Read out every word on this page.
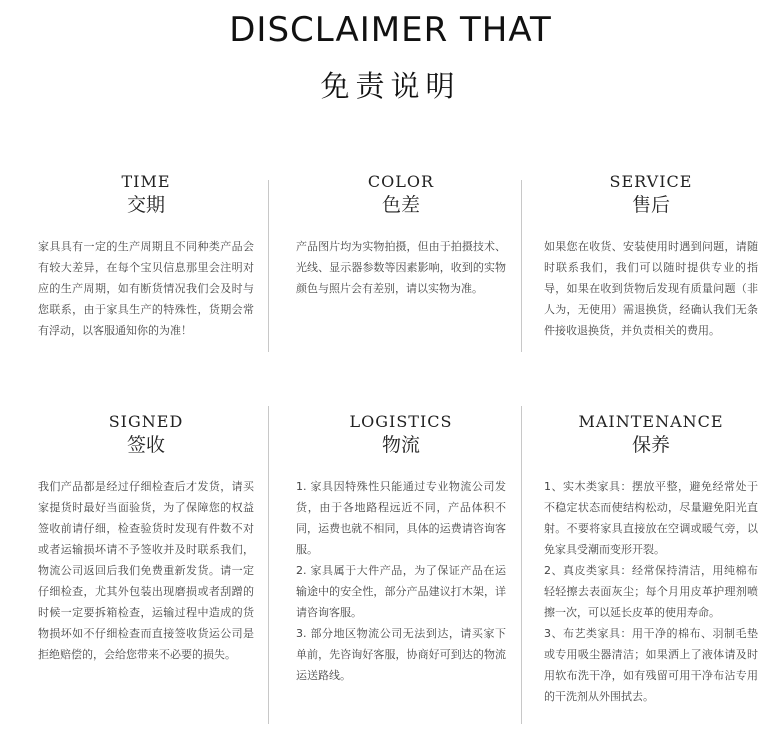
DISCLAIMER THAT
免责说明
TIME
交期

家具具有一定的生产周期且不同种类产品会有较大差异，在每个宝贝信息那里会注明对应的生产周期，如有断货情况我们会及时与您联系，由于家具生产的特殊性，货期会常有浮动，以客服通知你的为准！

COLOR
色差

产品图片均为实物拍摄，但由于拍摄技术、光线、显示器参数等因素影响，收到的实物颜色与照片会有差别，请以实物为准。

SERVICE
售后

如果您在收货、安装使用时遇到问题，请随时联系我们，我们可以随时提供专业的指导，如果在收到货物后发现有质量问题（非人为，无使用）需退换货，经确认我们无条件接收退换货，并负责相关的费用。

SIGNED
签收

我们产品都是经过仔细检查后才发货，请买家提货时最好当面验货，为了保障您的权益签收前请仔细，检查验货时发现有件数不对或者运输损坏请不予签收并及时联系我们，物流公司返回后我们免费重新发货。请一定仔细检查，尤其外包装出现磨损或者刮蹭的时候一定要拆箱检查，运输过程中造成的货物损坏如不仔细检查而直接签收货运公司是拒绝赔偿的，会给您带来不必要的损失。

LOGISTICS
物流

1. 家具因特殊性只能通过专业物流公司发货，由于各地路程远近不同，产品体积不同，运费也就不相同，具体的运费请咨询客服。

2. 家具属于大件产品，为了保证产品在运输途中的安全性，部分产品建议打木架，详请咨询客服。

3. 部分地区物流公司无法到达，请买家下单前，先咨询好客服，协商好可到达的物流运送路线。

MAINTENANCE
保养

1、实木类家具：摆放平整，避免经常处于不稳定状态而使结构松动，尽量避免阳光直射。不要将家具直接放在空调或暖气旁，以免家具受潮而变形开裂。

2、真皮类家具：经常保持清洁，用纯棉布轻轻擦去表面灰尘；每个月用皮革护理剂喷擦一次，可以延长皮革的使用寿命。

3、布艺类家具：用干净的棉布、羽制毛垫或专用吸尘器清洁；如果洒上了液体请及时用软布洗干净，如有残留可用干净布沾专用的干洗剂从外围拭去。
